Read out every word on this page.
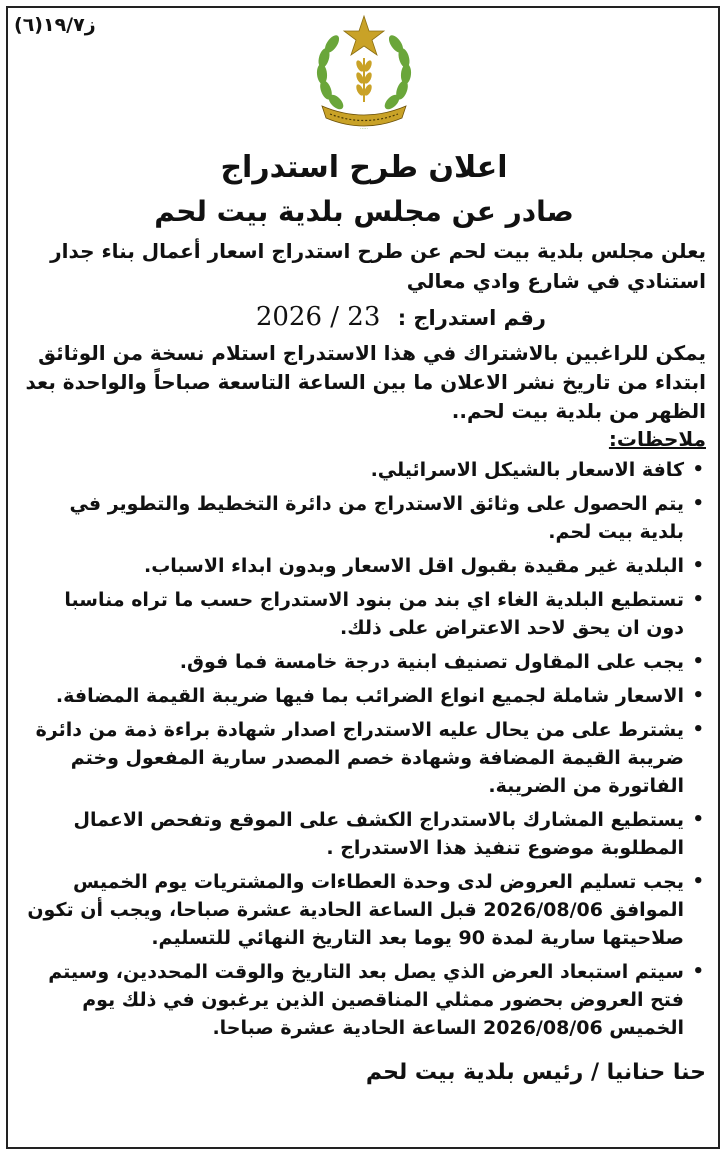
ز١٩/٧(٦)
·····
اعلان طرح استدراج
صادر عن مجلس بلدية بيت لحم

يعلن مجلس بلدية بيت لحم عن طرح استدراج اسعار أعمال بناء جدار استنادي في شارع وادي معالي

رقم استدراج : 23 / 2026

يمكن للراغبين بالاشتراك في هذا الاستدراج استلام نسخة من الوثائق ابتداء من تاريخ نشر الاعلان ما بين الساعة التاسعة صباحاً والواحدة بعد الظهر من بلدية بيت لحم..

ملاحظات:
• كافة الاسعار بالشيكل الاسرائيلي.
• يتم الحصول على وثائق الاستدراج من دائرة التخطيط والتطوير في بلدية بيت لحم.
• البلدية غير مقيدة بقبول اقل الاسعار وبدون ابداء الاسباب.
• تستطيع البلدية الغاء اي بند من بنود الاستدراج حسب ما تراه مناسبا دون ان يحق لاحد الاعتراض على ذلك.
• يجب على المقاول تصنيف ابنية درجة خامسة فما فوق.
• الاسعار شاملة لجميع انواع الضرائب بما فيها ضريبة القيمة المضافة.
• يشترط على من يحال عليه الاستدراج اصدار شهادة براءة ذمة من دائرة ضريبة القيمة المضافة وشهادة خصم المصدر سارية المفعول وختم الفاتورة من الضريبة.
• يستطيع المشارك بالاستدراج الكشف على الموقع وتفحص الاعمال المطلوبة موضوع تنفيذ هذا الاستدراج .
• يجب تسليم العروض لدى وحدة العطاءات والمشتريات يوم الخميس الموافق 2026/08/06 قبل الساعة الحادية عشرة صباحا، ويجب أن تكون صلاحيتها سارية لمدة 90 يوما بعد التاريخ النهائي للتسليم.
• سيتم استبعاد العرض الذي يصل بعد التاريخ والوقت المحددين، وسيتم فتح العروض بحضور ممثلي المناقصين الذين يرغبون في ذلك يوم الخميس 2026/08/06 الساعة الحادية عشرة صباحا.
حنا حنانيا / رئيس بلدية بيت لحم
